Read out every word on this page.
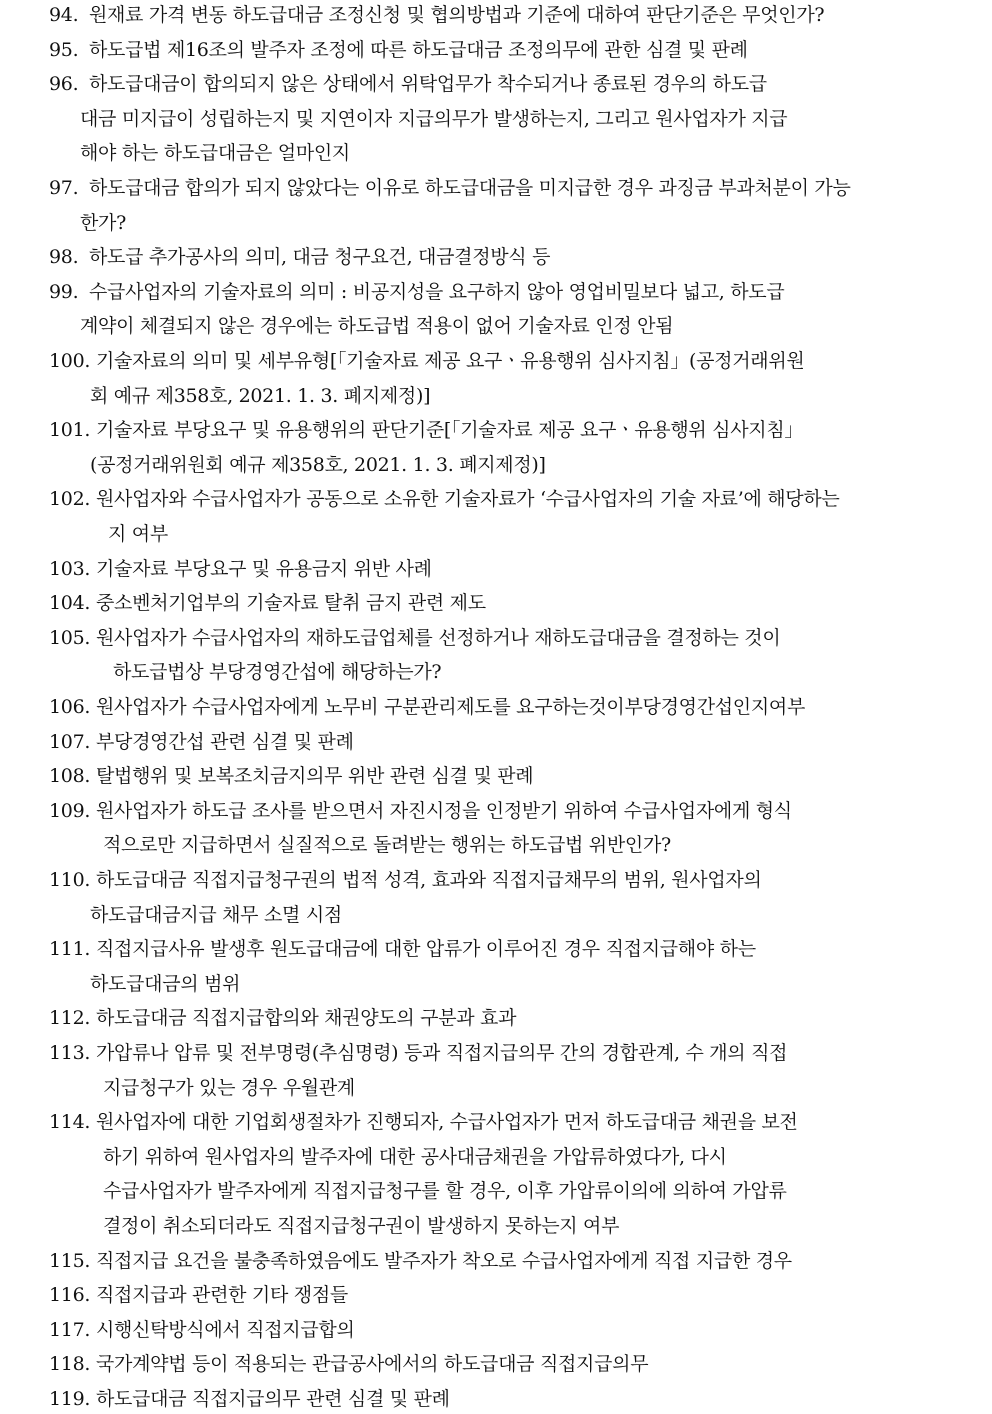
94. 원재료 가격 변동 하도급대금 조정신청 및 협의방법과 기준에 대하여 판단기준은 무엇인가?
95. 하도급법 제16조의 발주자 조정에 따른 하도급대금 조정의무에 관한 심결 및 판례
96. 하도급대금이 합의되지 않은 상태에서 위탁업무가 착수되거나 종료된 경우의 하도급
대금 미지급이 성립하는지 및 지연이자 지급의무가 발생하는지, 그리고 원사업자가 지급
해야 하는 하도급대금은 얼마인지
97. 하도급대금 합의가 되지 않았다는 이유로 하도급대금을 미지급한 경우 과징금 부과처분이 가능
한가?
98. 하도급 추가공사의 의미, 대금 청구요건, 대금결정방식 등
99. 수급사업자의 기술자료의 의미 : 비공지성을 요구하지 않아 영업비밀보다 넓고, 하도급
계약이 체결되지 않은 경우에는 하도급법 적용이 없어 기술자료 인정 안됨
100. 기술자료의 의미 및 세부유형[「기술자료 제공 요구ㆍ유용행위 심사지침」(공정거래위원
회 예규 제358호, 2021. 1. 3. 폐지제정)]
101. 기술자료 부당요구 및 유용행위의 판단기준[「기술자료 제공 요구ㆍ유용행위 심사지침」
(공정거래위원회 예규 제358호, 2021. 1. 3. 폐지제정)]
102. 원사업자와 수급사업자가 공동으로 소유한 기술자료가 ‘수급사업자의 기술 자료’에 해당하는
지 여부
103. 기술자료 부당요구 및 유용금지 위반 사례
104. 중소벤처기업부의 기술자료 탈취 금지 관련 제도
105. 원사업자가 수급사업자의 재하도급업체를 선정하거나 재하도급대금을 결정하는 것이
하도급법상 부당경영간섭에 해당하는가?
106. 원사업자가 수급사업자에게 노무비 구분관리제도를 요구하는것이부당경영간섭인지여부
107. 부당경영간섭 관련 심결 및 판례
108. 탈법행위 및 보복조치금지의무 위반 관련 심결 및 판례
109. 원사업자가 하도급 조사를 받으면서 자진시정을 인정받기 위하여 수급사업자에게 형식
적으로만 지급하면서 실질적으로 돌려받는 행위는 하도급법 위반인가?
110. 하도급대금 직접지급청구권의 법적 성격, 효과와 직접지급채무의 범위, 원사업자의
하도급대금지급 채무 소멸 시점
111. 직접지급사유 발생후 원도급대금에 대한 압류가 이루어진 경우 직접지급해야 하는
하도급대금의 범위
112. 하도급대금 직접지급합의와 채권양도의 구분과 효과
113. 가압류나 압류 및 전부명령(추심명령) 등과 직접지급의무 간의 경합관계, 수 개의 직접
지급청구가 있는 경우 우월관계
114. 원사업자에 대한 기업회생절차가 진행되자, 수급사업자가 먼저 하도급대금 채권을 보전
하기 위하여 원사업자의 발주자에 대한 공사대금채권을 가압류하였다가, 다시
수급사업자가 발주자에게 직접지급청구를 할 경우, 이후 가압류이의에 의하여 가압류
결정이 취소되더라도 직접지급청구권이 발생하지 못하는지 여부
115. 직접지급 요건을 불충족하였음에도 발주자가 착오로 수급사업자에게 직접 지급한 경우
116. 직접지급과 관련한 기타 쟁점들
117. 시행신탁방식에서 직접지급합의
118. 국가계약법 등이 적용되는 관급공사에서의 하도급대금 직접지급의무
119. 하도급대금 직접지급의무 관련 심결 및 판례
